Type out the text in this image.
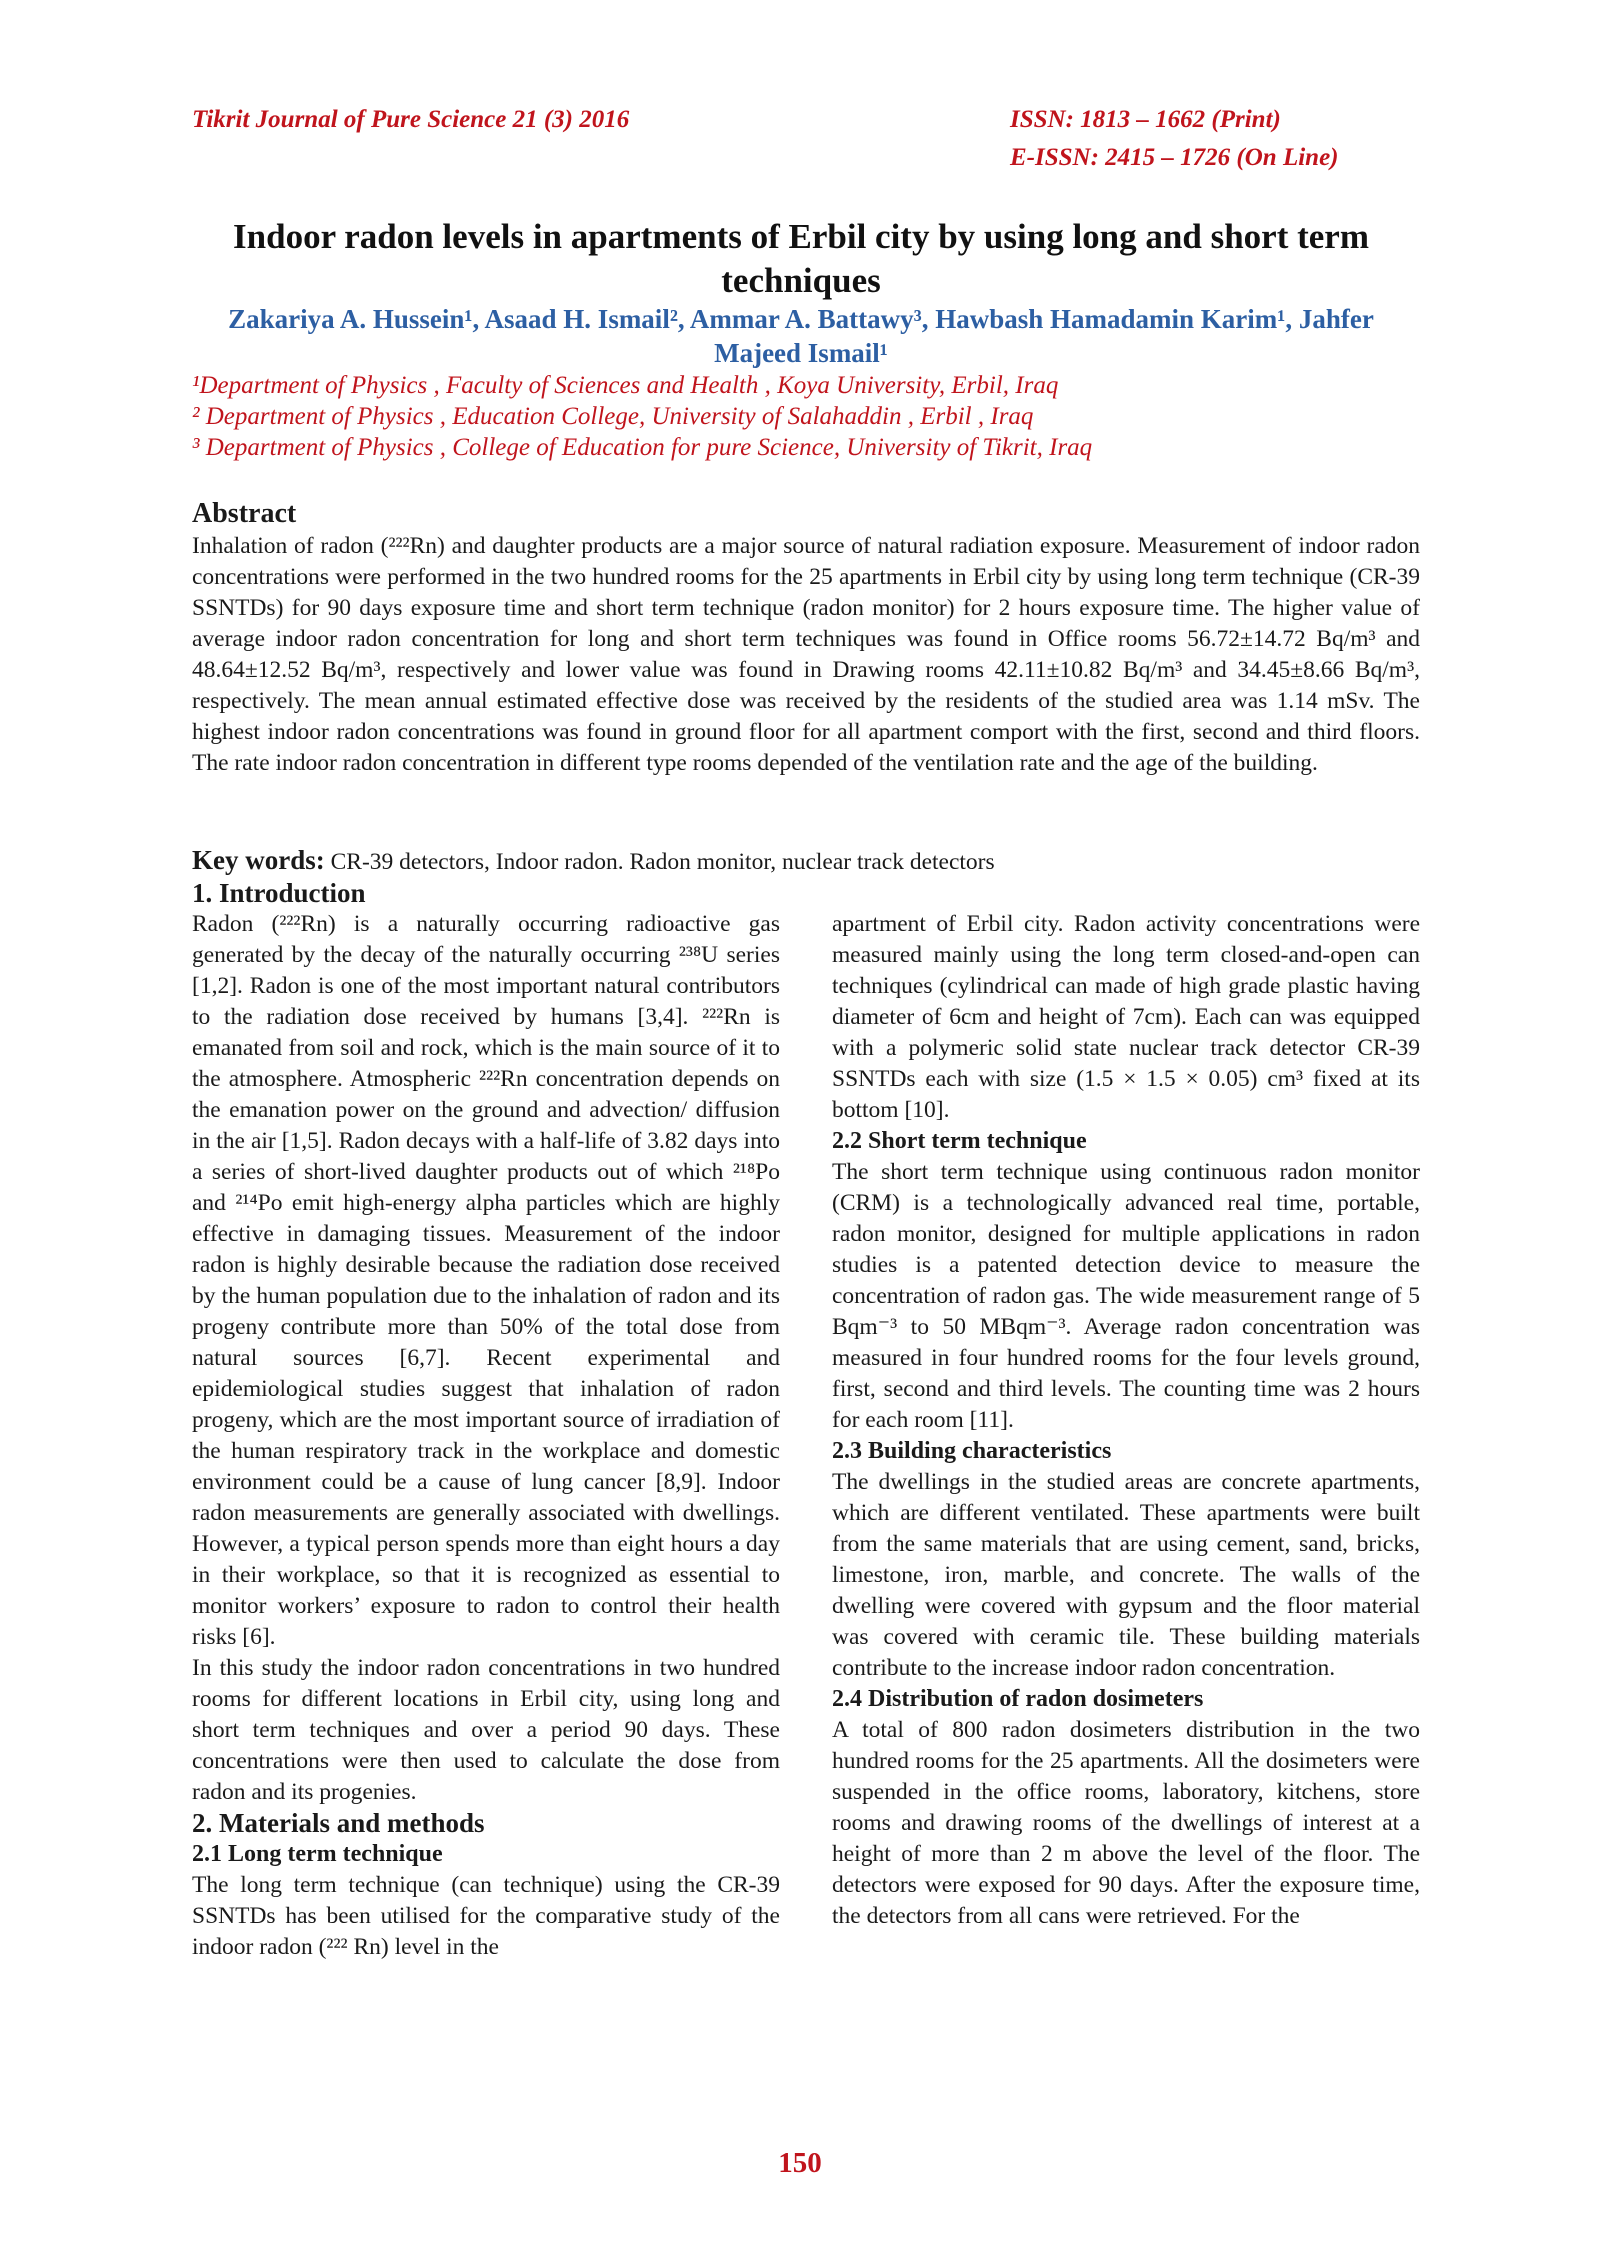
Tikrit Journal of Pure Science 21 (3) 2016	ISSN: 1813 – 1662 (Print)
E-ISSN: 2415 – 1726 (On Line)
Indoor radon levels in apartments of Erbil city by using long and short term techniques
Zakariya A. Hussein¹, Asaad H. Ismail², Ammar A. Battawy³, Hawbash Hamadamin Karim¹, Jahfer Majeed Ismail¹
¹Department of Physics , Faculty of Sciences and Health , Koya University, Erbil, Iraq
² Department of Physics , Education College, University of Salahaddin , Erbil , Iraq
³ Department of Physics , College of Education for pure Science, University of Tikrit, Iraq
Abstract

Inhalation of radon (²²²Rn) and daughter products are a major source of natural radiation exposure. Measurement of indoor radon concentrations were performed in the two hundred rooms for the 25 apartments in Erbil city by using long term technique (CR-39 SSNTDs) for 90 days exposure time and short term technique (radon monitor) for 2 hours exposure time. The higher value of average indoor radon concentration for long and short term techniques was found in Office rooms 56.72±14.72 Bq/m³ and 48.64±12.52 Bq/m³, respectively and lower value was found in Drawing rooms 42.11±10.82 Bq/m³ and 34.45±8.66 Bq/m³, respectively. The mean annual estimated effective dose was received by the residents of the studied area was 1.14 mSv. The highest indoor radon concentrations was found in ground floor for all apartment comport with the first, second and third floors. The rate indoor radon concentration in different type rooms depended of the ventilation rate and the age of the building.

Key words: CR-39 detectors, Indoor radon. Radon monitor, nuclear track detectors

1. Introduction

Radon (²²²Rn) is a naturally occurring radioactive gas generated by the decay of the naturally occurring ²³⁸U series [1,2]. Radon is one of the most important natural contributors to the radiation dose received by humans [3,4]. ²²²Rn is emanated from soil and rock, which is the main source of it to the atmosphere. Atmospheric ²²²Rn concentration depends on the emanation power on the ground and advection/ diffusion in the air [1,5]. Radon decays with a half-life of 3.82 days into a series of short-lived daughter products out of which ²¹⁸Po and ²¹⁴Po emit high-energy alpha particles which are highly effective in damaging tissues. Measurement of the indoor radon is highly desirable because the radiation dose received by the human population due to the inhalation of radon and its progeny contribute more than 50% of the total dose from natural sources [6,7]. Recent experimental and epidemiological studies suggest that inhalation of radon progeny, which are the most important source of irradiation of the human respiratory track in the workplace and domestic environment could be a cause of lung cancer [8,9]. Indoor radon measurements are generally associated with dwellings. However, a typical person spends more than eight hours a day in their workplace, so that it is recognized as essential to monitor workers’ exposure to radon to control their health risks [6].

In this study the indoor radon concentrations in two hundred rooms for different locations in Erbil city, using long and short term techniques and over a period 90 days. These concentrations were then used to calculate the dose from radon and its progenies.

2. Materials and methods
2.1 Long term technique

The long term technique (can technique) using the CR-39 SSNTDs has been utilised for the comparative study of the indoor radon (²²² Rn) level in the

apartment of Erbil city. Radon activity concentrations were measured mainly using the long term closed-and-open can techniques (cylindrical can made of high grade plastic having diameter of 6cm and height of 7cm). Each can was equipped with a polymeric solid state nuclear track detector CR-39 SSNTDs each with size (1.5 × 1.5 × 0.05) cm³ fixed at its bottom [10].

2.2 Short term technique

The short term technique using continuous radon monitor (CRM) is a technologically advanced real time, portable, radon monitor, designed for multiple applications in radon studies is a patented detection device to measure the concentration of radon gas. The wide measurement range of 5 Bqm⁻³ to 50 MBqm⁻³. Average radon concentration was measured in four hundred rooms for the four levels ground, first, second and third levels. The counting time was 2 hours for each room [11].

2.3 Building characteristics

The dwellings in the studied areas are concrete apartments, which are different ventilated. These apartments were built from the same materials that are using cement, sand, bricks, limestone, iron, marble, and concrete. The walls of the dwelling were covered with gypsum and the floor material was covered with ceramic tile. These building materials contribute to the increase indoor radon concentration.

2.4 Distribution of radon dosimeters

A total of 800 radon dosimeters distribution in the two hundred rooms for the 25 apartments. All the dosimeters were suspended in the office rooms, laboratory, kitchens, store rooms and drawing rooms of the dwellings of interest at a height of more than 2 m above the level of the floor. The detectors were exposed for 90 days. After the exposure time, the detectors from all cans were retrieved. For the

150
